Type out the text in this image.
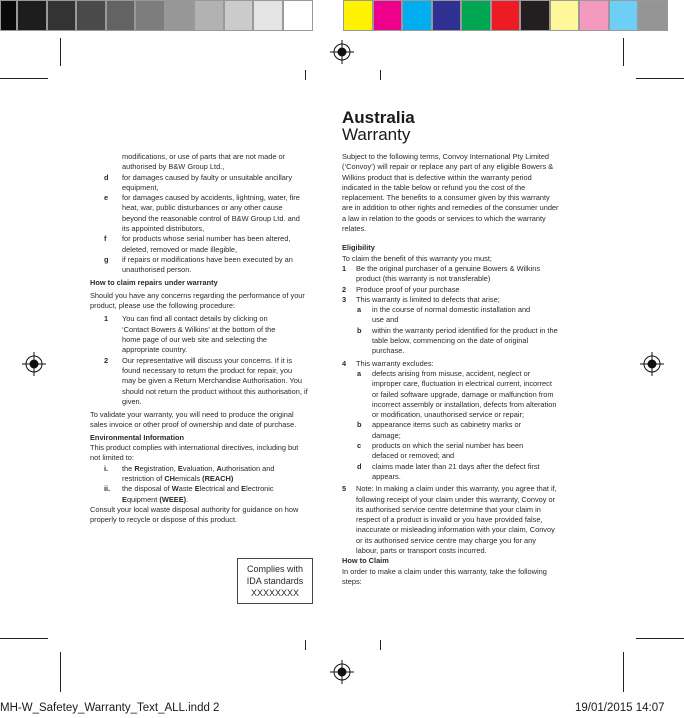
modifications, or use of parts that are not made or authorised by B&W Group Ltd.,

d	for damages caused by faulty or unsuitable ancillary equipment,
e	for damages caused by accidents, lightning, water, fire heat, war, public disturbances or any other cause beyond the reasonable control of B&W Group Ltd. and its appointed distributors,
f	for products whose serial number has been altered, deleted, removed or made illegible,
g	if repairs or modifications have been executed by an unauthorised person.

How to claim repairs under warranty

Should you have any concerns regarding the performance of your product, please use the following procedure:

1	You can find all contact details by clicking on ‘Contact Bowers & Wilkins’ at the bottom of the home page of our web site and selecting the appropriate country.
2	Our representative will discuss your concerns. If it is found necessary to return the product for repair, you may be given a Return Merchandise Authorisation. You should not return the product without this authorisation, if given.

To validate your warranty, you will need to produce the original sales invoice or other proof of ownership and date of purchase.

Environmental Information

This product complies with international directives, including but not limited to:

i.	the Registration, Evaluation, Authorisation and restriction of CHemicals (REACH)
ii.	the disposal of Waste Electrical and Electronic Equipment (WEEE).

Consult your local waste disposal authority for guidance on how properly to recycle or dispose of this product.

Complies with
IDA standards
XXXXXXXX
Australia
Warranty

Subject to the following terms, Convoy International Pty Limited (‘Convoy’) will repair or replace any part of any eligible Bowers & Wilkins product that is defective within the warranty period indicated in the table below or refund you the cost of the replacement. The benefits to a consumer given by this warranty are in addition to other rights and remedies of the consumer under a law in relation to the goods or services to which the warranty relates.

Eligibility

To claim the benefit of this warranty you must;

1	Be the original purchaser of a genuine Bowers & Wilkins product (this warranty is not transferable)
2	Produce proof of your purchase
3	This warranty is limited to defects that arise;
a	in the course of normal domestic installation and use and
b	within the warranty period identified for the product in the table below, commencing on the date of original purchase.
4	This warranty excludes:
a	defects arising from misuse, accident, neglect or improper care, fluctuation in electrical current, incorrect or failed software upgrade, damage or malfunction from incorrect assembly or installation, defects from alteration or modification, unauthorised service or repair;
b	appearance items such as cabinetry marks or damage;
c	products on which the serial number has been defaced or removed; and
d	claims made later than 21 days after the defect first appears.
5	Note: In making a claim under this warranty, you agree that if, following receipt of your claim under this warranty, Convoy or its authorised service centre determine that your claim in respect of a product is invalid or you have provided false, inaccurate or misleading information with your claim, Convoy or its authorised service centre may charge you for any labour, parts or transport costs incurred.

How to Claim

In order to make a claim under this warranty, take the following steps:

MH-W_Safetey_Warranty_Text_ALL.indd 2	19/01/2015 14:07
